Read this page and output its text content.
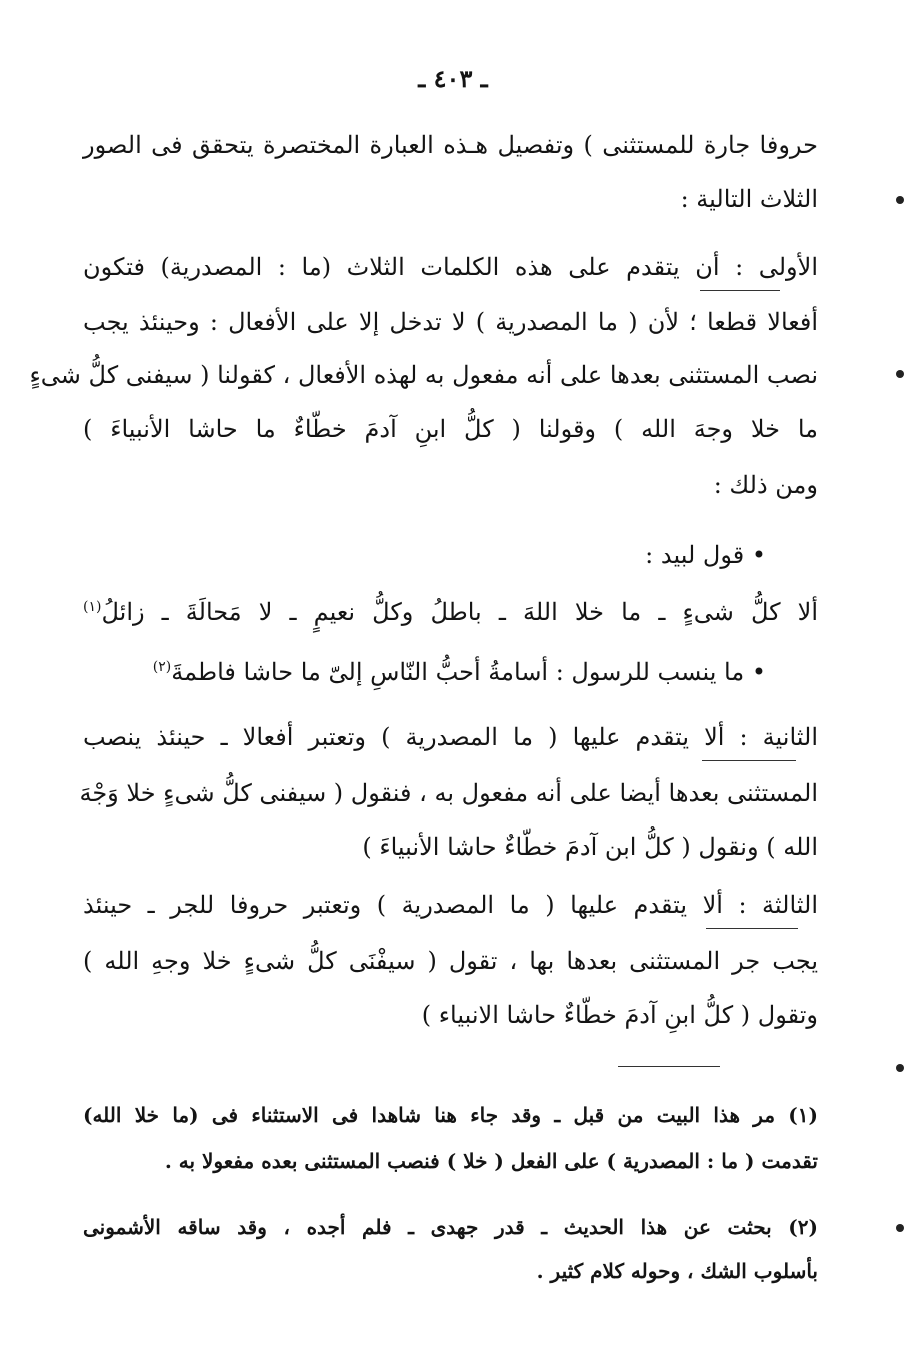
ـ ٤٠٣ ـ
حروفا جارة للمستثنى ) وتفصيل هـذه العبارة المختصرة يتحقق فى الصور
الثلاث التالية :
الأولى : أن يتقدم على هذه الكلمات الثلاث (ما : المصدرية) فتكون
أفعالا قطعا ؛ لأن ( ما المصدرية ) لا تدخل إلا على الأفعال : وحينئذ يجب
نصب المستثنى بعدها على أنه مفعول به لهذه الأفعال ، كقولنا ( سيفنى كلُّ شىءٍ
ما خلا وجهَ الله ) وقولنا ( كلُّ ابنِ آدمَ خطّاءٌ ما حاشا الأنبياءَ )
ومن ذلك :
• قول لبيد :
ألا كلُّ شىءٍ ـ ما خلا اللهَ ـ باطلُ وكلُّ نعيمٍ ـ لا مَحالَةَ ـ زائلُ$^{(١)}$
• ما ينسب للرسول : أسامةُ أحبُّ النّاسِ إلىّ ما حاشا فاطمةَ$^{(٢)}$
الثانية : ألا يتقدم عليها ( ما المصدرية ) وتعتبر أفعالا ـ حينئذ ينصب
المستثنى بعدها أيضا على أنه مفعول به ، فنقول ( سيفنى كلُّ شىءٍ خلا وَجْهَ
الله ) ونقول ( كلُّ ابن آدمَ خطّاءٌ حاشا الأنبياءَ )
الثالثة : ألا يتقدم عليها ( ما المصدرية ) وتعتبر حروفا للجر ـ حينئذ
يجب جر المستثنى بعدها بها ، تقول ( سيفْنَى كلُّ شىءٍ خلا وجهِ الله )
وتقول ( كلُّ ابنِ آدمَ خطّاءٌ حاشا الانبياء )
(١) مر هذا البيت من قبل ـ وقد جاء هنا شاهدا فى الاستثناء فى (ما خلا الله)
تقدمت ( ما : المصدرية ) على الفعل ( خلا ) فنصب المستثنى بعده مفعولا به .
(٢) بحثت عن هذا الحديث ـ قدر جهدى ـ فلم أجده ، وقد ساقه الأشمونى
بأسلوب الشك ، وحوله كلام كثير .
